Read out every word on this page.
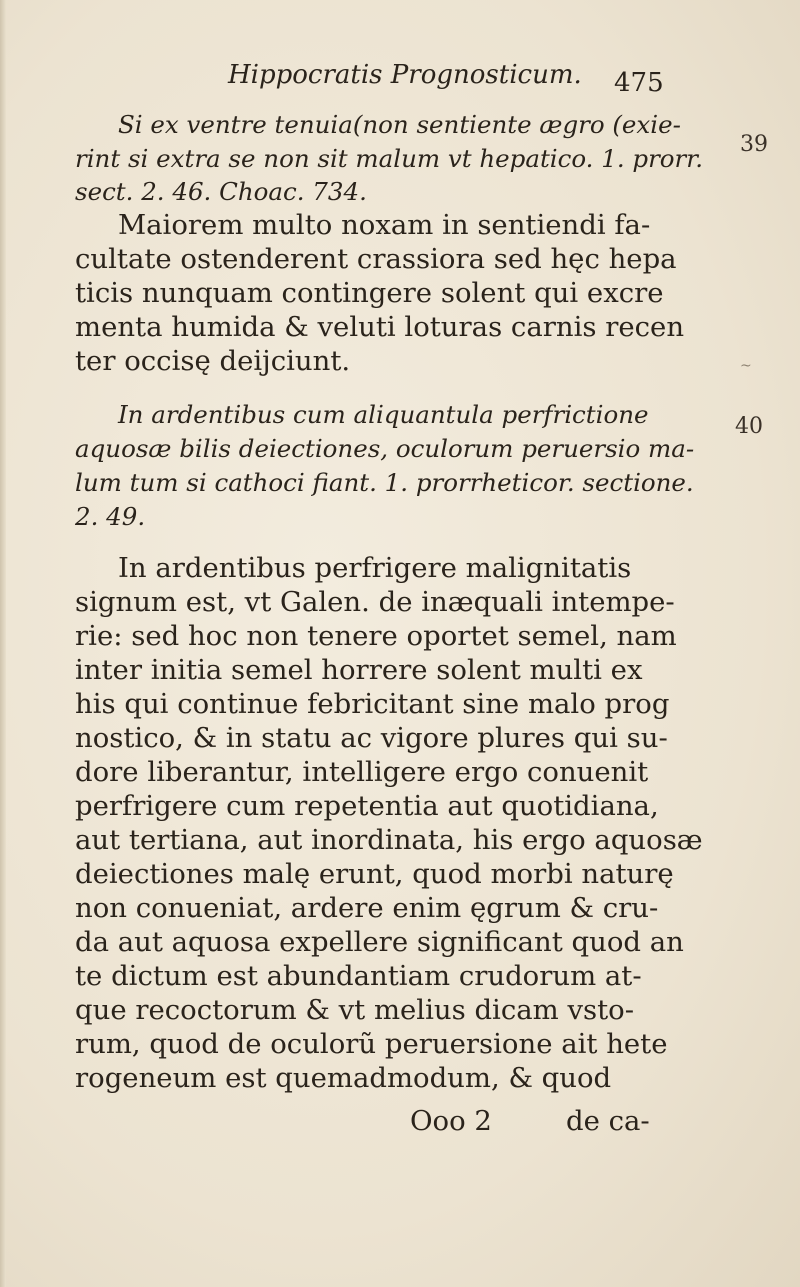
Hippocratis Prognosticum. 475
39
40
~
Si ex ventre tenuia(non sentiente ægro (exie-
rint si extra se non sit malum vt hepatico. 1. prorr.
sect. 2. 46. Choac. 734.
Maiorem multo noxam in sentiendi fa-
cultate ostenderent crassiora sed hęc hepa
ticis nunquam contingere solent qui excre
menta humida & veluti loturas carnis recen
ter occisę deijciunt.
In ardentibus cum aliquantula perfrictione
aquosæ bilis deiectiones, oculorum peruersio ma-
lum tum si cathoci fiant. 1. prorrheticor. sectione.
2. 49.
In ardentibus perfrigere malignitatis
signum est, vt Galen. de inæquali intempe-
rie: sed hoc non tenere oportet semel, nam
inter initia semel horrere solent multi ex
his qui continue febricitant sine malo prog
nostico, & in statu ac vigore plures qui su-
dore liberantur, intelligere ergo conuenit
perfrigere cum repetentia aut quotidiana,
aut tertiana, aut inordinata, his ergo aquosæ
deiectiones malę erunt, quod morbi naturę
non conueniat, ardere enim ęgrum & cru-
da aut aquosa expellere significant quod an
te dictum est abundantiam crudorum at-
que recoctorum & vt melius dicam vsto-
rum, quod de oculorũ peruersione ait hete
rogeneum est quemadmodum, & quod
Ooo 2	de ca-
